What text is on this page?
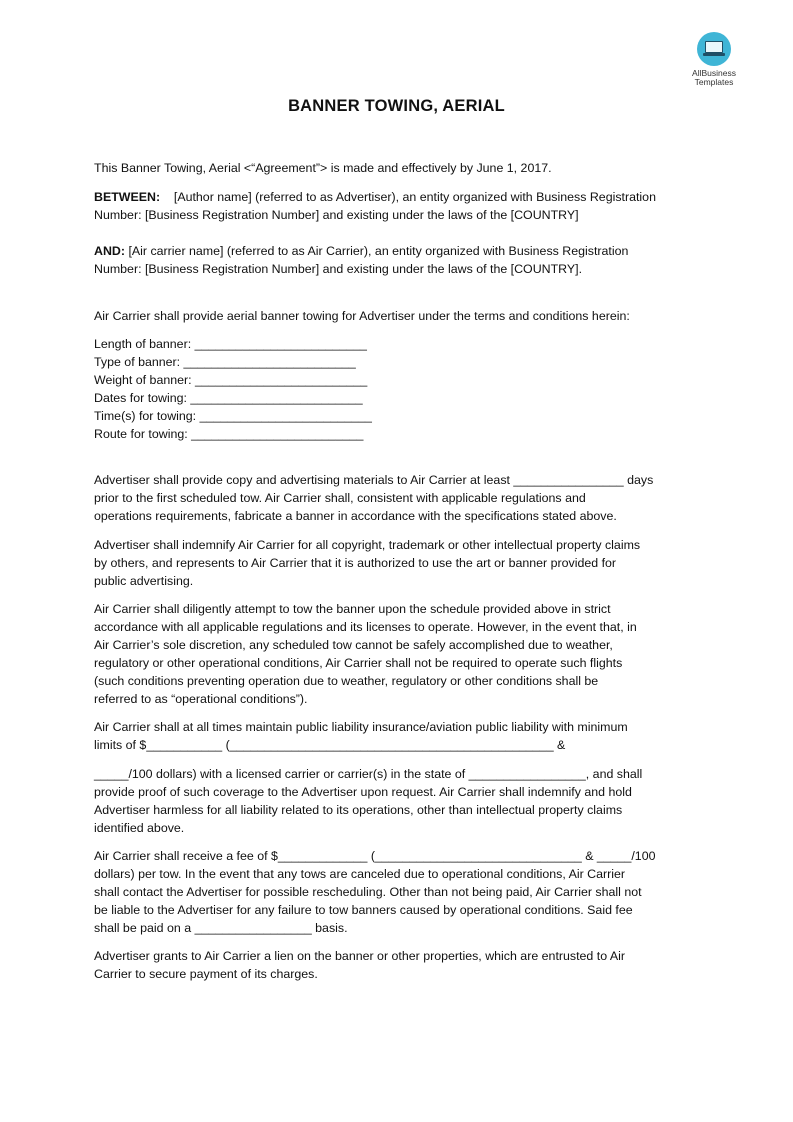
AllBusiness
Templates
BANNER TOWING, AERIAL

This Banner Towing, Aerial <“Agreement”> is made and effectively by June 1, 2017.

BETWEEN: [Author name] (referred to as Advertiser), an entity organized with Business Registration
Number: [Business Registration Number] and existing under the laws of the [COUNTRY]

AND: [Air carrier name] (referred to as Air Carrier), an entity organized with Business Registration
Number: [Business Registration Number] and existing under the laws of the [COUNTRY].

Air Carrier shall provide aerial banner towing for Advertiser under the terms and conditions herein:

Length of banner: _________________________
Type of banner: _________________________
Weight of banner: _________________________
Dates for towing: _________________________
Time(s) for towing: _________________________
Route for towing: _________________________

Advertiser shall provide copy and advertising materials to Air Carrier at least ________________ days
prior to the first scheduled tow. Air Carrier shall, consistent with applicable regulations and
operations requirements, fabricate a banner in accordance with the specifications stated above.

Advertiser shall indemnify Air Carrier for all copyright, trademark or other intellectual property claims
by others, and represents to Air Carrier that it is authorized to use the art or banner provided for
public advertising.

Air Carrier shall diligently attempt to tow the banner upon the schedule provided above in strict
accordance with all applicable regulations and its licenses to operate. However, in the event that, in
Air Carrier’s sole discretion, any scheduled tow cannot be safely accomplished due to weather,
regulatory or other operational conditions, Air Carrier shall not be required to operate such flights
(such conditions preventing operation due to weather, regulatory or other conditions shall be
referred to as “operational conditions”).

Air Carrier shall at all times maintain public liability insurance/aviation public liability with minimum
limits of $___________ (_______________________________________________ &

_____/100 dollars) with a licensed carrier or carrier(s) in the state of _________________, and shall
provide proof of such coverage to the Advertiser upon request. Air Carrier shall indemnify and hold
Advertiser harmless for all liability related to its operations, other than intellectual property claims
identified above.

Air Carrier shall receive a fee of $_____________ (______________________________ & _____/100
dollars) per tow. In the event that any tows are canceled due to operational conditions, Air Carrier
shall contact the Advertiser for possible rescheduling. Other than not being paid, Air Carrier shall not
be liable to the Advertiser for any failure to tow banners caused by operational conditions. Said fee
shall be paid on a _________________ basis.

Advertiser grants to Air Carrier a lien on the banner or other properties, which are entrusted to Air
Carrier to secure payment of its charges.
